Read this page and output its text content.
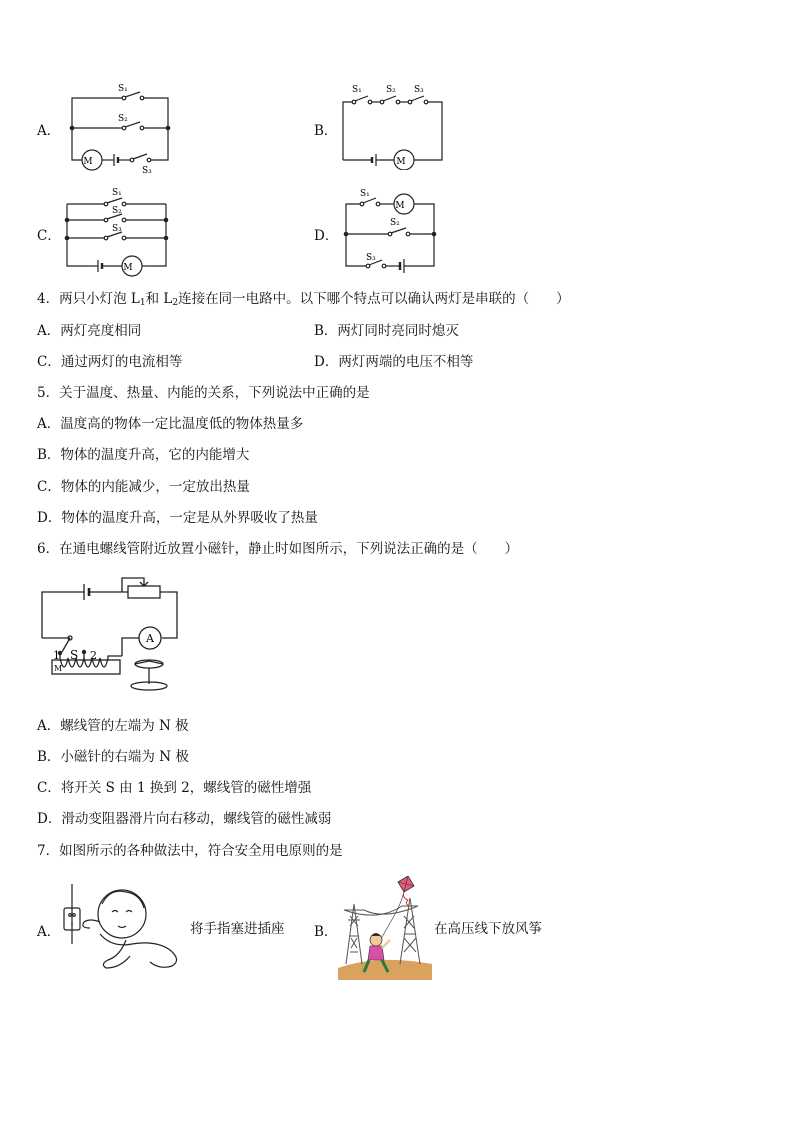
A．
M
S₁
S₂
S₃
B．
M
S₁	S₂ S₃
C．
M
S₁
S₂
S₃	D．
M
S₁
S₂
S₃
4．两只小灯泡 $L_1$和 $L_2$连接在同一电路中。以下哪个特点可以确认两灯是串联的（　　）
A．两灯亮度相同	B．两灯同时亮同时熄灭
C．通过两灯的电流相等	D．两灯两端的电压不相等
5．关于温度、热量、内能的关系，下列说法中正确的是
A．温度高的物体一定比温度低的物体热量多
B．物体的温度升高，它的内能增大
C．物体的内能减少，一定放出热量
D．物体的温度升高，一定是从外界吸收了热量
6．在通电螺线管附近放置小磁针，静止时如图所示，下列说法正确的是（　　）
1 S 2
A
M
A．螺线管的左端为 N 极
B．小磁针的右端为 N 极
C．将开关 S 由 1 换到 2，螺线管的磁性增强
D．滑动变阻器滑片向右移动，螺线管的磁性减弱
7．如图所示的各种做法中，符合安全用电原则的是
A．	将手指塞进插座 B．	在高压线下放风筝
